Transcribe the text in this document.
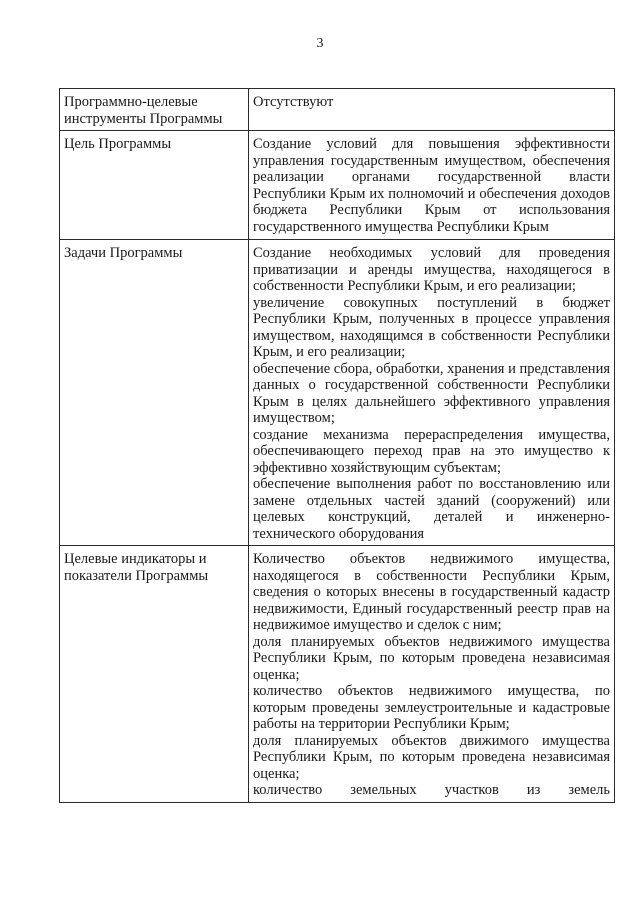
3
Программно-целевые инструменты Программы	Отсутствуют

Цель Программы	Создание условий для повышения эффективности управления государственным имуществом, обеспечения реализации органами государственной власти Республики Крым их полномочий и обеспечения доходов бюджета Республики Крым от использования государственного имущества Республики Крым

Задачи Программы	Создание необходимых условий для проведения приватизации и аренды имущества, находящегося в собственности Республики Крым, и его реализации;
увеличение совокупных поступлений в бюджет Республики Крым, полученных в процессе управления имуществом, находящимся в собственности Республики Крым, и его реализации;
обеспечение сбора, обработки, хранения и представления данных о государственной собственности Республики Крым в целях дальнейшего эффективного управления имуществом;
создание механизма перераспределения имущества, обеспечивающего переход прав на это имущество к эффективно хозяйствующим субъектам;
обеспечение выполнения работ по восстановлению или замене отдельных частей зданий (сооружений) или целевых конструкций, деталей и инженерно-технического оборудования

Целевые индикаторы и показатели Программы	Количество объектов недвижимого имущества, находящегося в собственности Республики Крым, сведения о которых внесены в государственный кадастр недвижимости, Единый государственный реестр прав на недвижимое имущество и сделок с ним;
доля планируемых объектов недвижимого имущества Республики Крым, по которым проведена независимая оценка;
количество объектов недвижимого имущества, по которым проведены землеустроительные и кадастровые работы на территории Республики Крым;
доля планируемых объектов движимого имущества Республики Крым, по которым проведена независимая оценка;
количество земельных участков из земель
